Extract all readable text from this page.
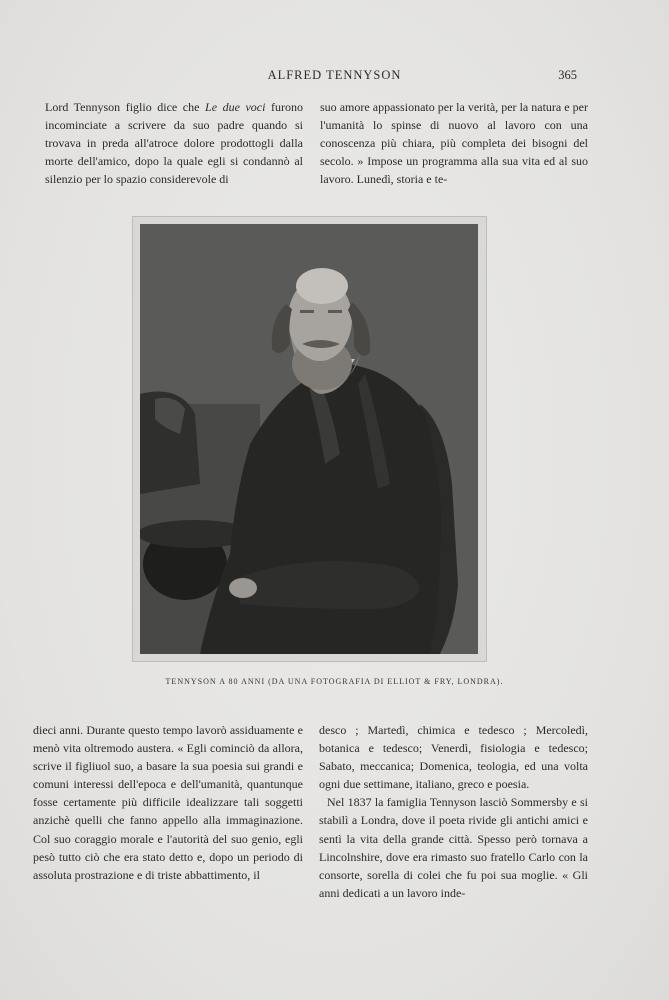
ALFRED TENNYSON	365

Lord Tennyson figlio dice che Le due voci furono incominciate a scrivere da suo padre quando si trovava in preda all'atroce dolore prodottogli dalla morte dell'amico, dopo la quale egli si condannò al silenzio per lo spazio considerevole di

suo amore appassionato per la verità, per la natura e per l'umanità lo spinse di nuovo al lavoro con una conoscenza più chiara, più completa dei bisogni del secolo. » Impose un programma alla sua vita ed al suo lavoro. Lunedì, storia e te-

TENNYSON A 80 ANNI (DA UNA FOTOGRAFIA DI ELLIOT & FRY, LONDRA).

dieci anni. Durante questo tempo lavorò assiduamente e menò vita oltremodo austera. « Egli cominciò da allora, scrive il figliuol suo, a basare la sua poesia sui grandi e comuni interessi dell'epoca e dell'umanità, quantunque fosse certamente più difficile idealizzare tali soggetti anzichè quelli che fanno appello alla immaginazione. Col suo coraggio morale e l'autorità del suo genio, egli pesò tutto ciò che era stato detto e, dopo un periodo di assoluta prostrazione e di triste abbattimento, il

desco ; Martedì, chimica e tedesco ; Mercoledì, botanica e tedesco; Venerdì, fisiologia e tedesco; Sabato, meccanica; Domenica, teologia, ed una volta ogni due settimane, italiano, greco e poesia.

Nel 1837 la famiglia Tennyson lasciò Sommersby e si stabilì a Londra, dove il poeta rivide gli antichi amici e sentì la vita della grande città. Spesso però tornava a Lincolnshire, dove era rimasto suo fratello Carlo con la consorte, sorella di colei che fu poi sua moglie. « Gli anni dedicati a un lavoro inde-
